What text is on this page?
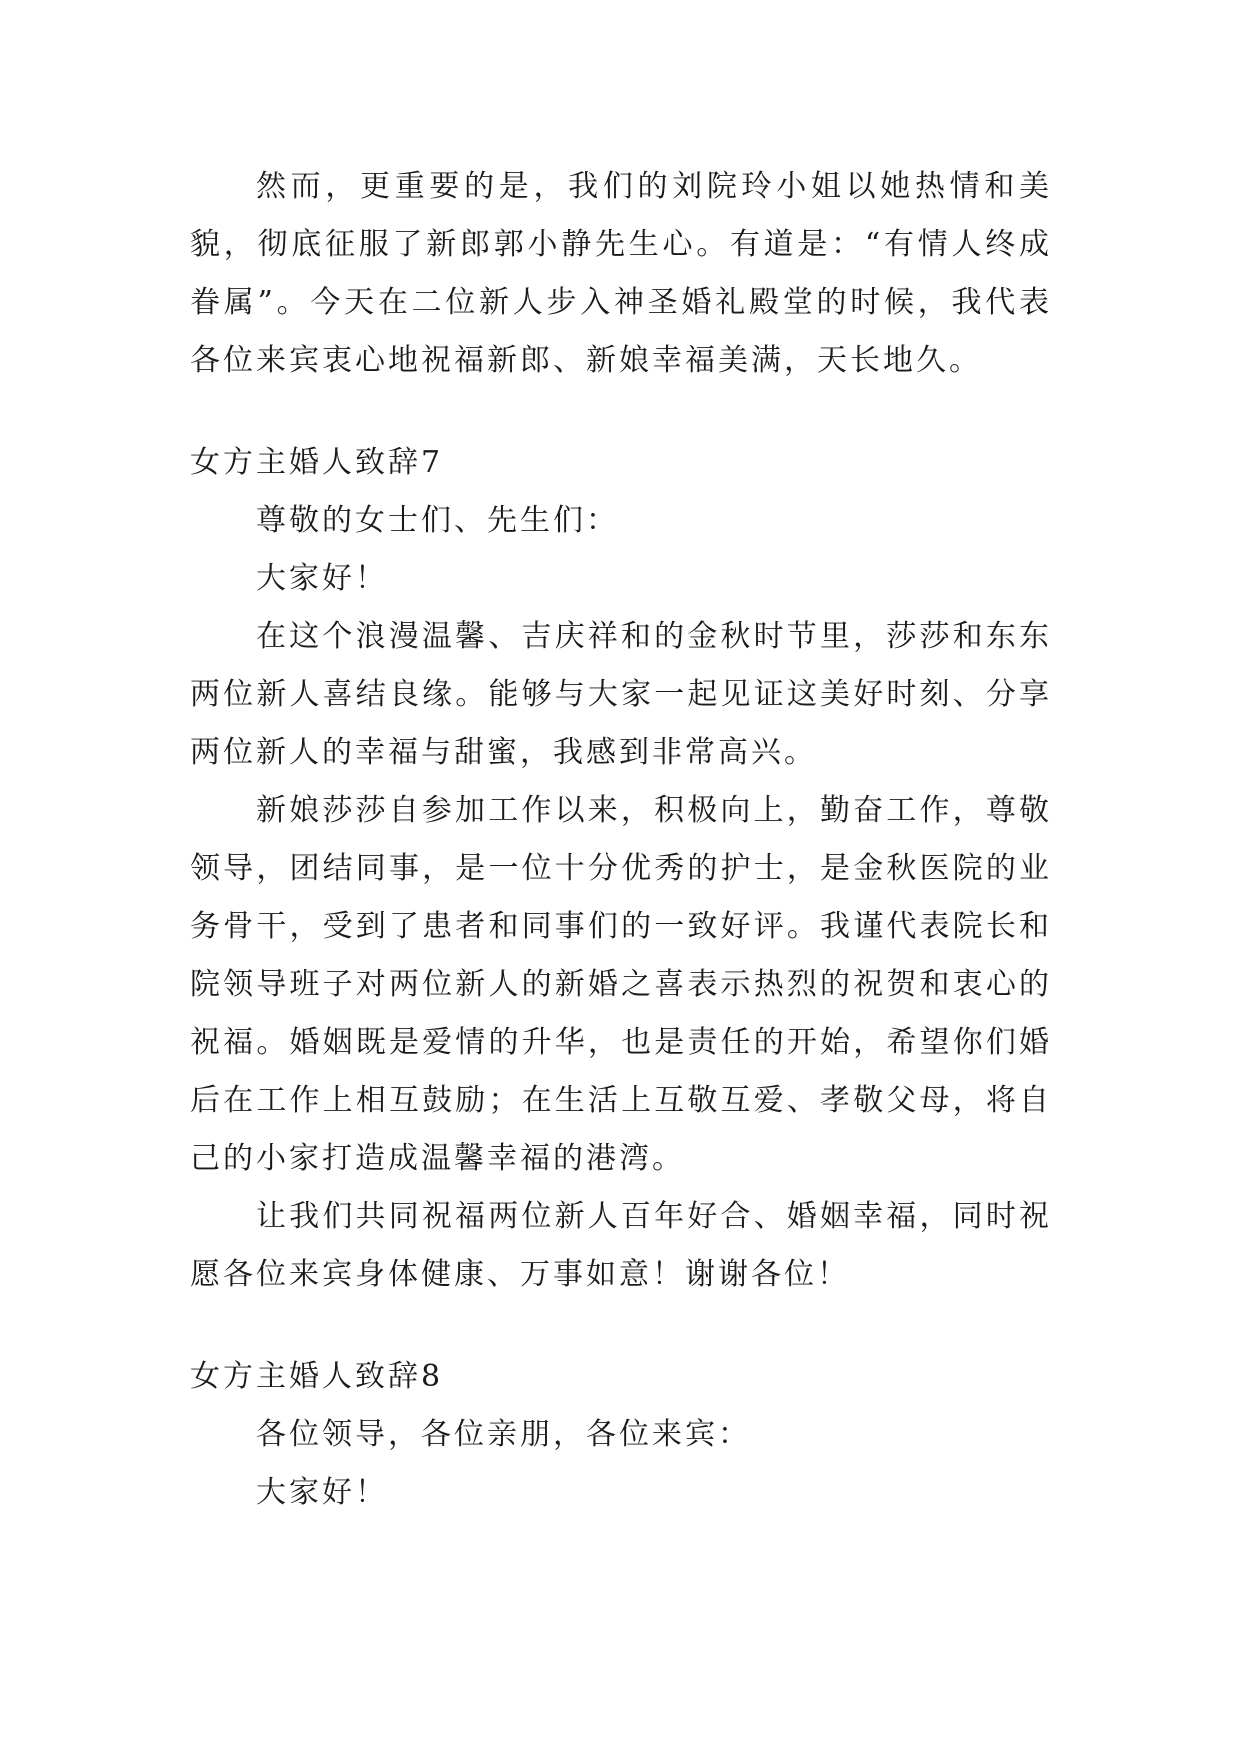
然而，更重要的是，我们的刘院玲小姐以她热情和美貌，彻底征服了新郎郭小静先生心。有道是：“有情人终成眷属”。今天在二位新人步入神圣婚礼殿堂的时候，我代表各位来宾衷心地祝福新郎、新娘幸福美满，天长地久。

女方主婚人致辞7

尊敬的女士们、先生们：

大家好！

在这个浪漫温馨、吉庆祥和的金秋时节里，莎莎和东东两位新人喜结良缘。能够与大家一起见证这美好时刻、分享两位新人的幸福与甜蜜，我感到非常高兴。

新娘莎莎自参加工作以来，积极向上，勤奋工作，尊敬领导，团结同事，是一位十分优秀的护士，是金秋医院的业务骨干，受到了患者和同事们的一致好评。我谨代表院长和院领导班子对两位新人的新婚之喜表示热烈的祝贺和衷心的祝福。婚姻既是爱情的升华，也是责任的开始，希望你们婚后在工作上相互鼓励；在生活上互敬互爱、孝敬父母，将自己的小家打造成温馨幸福的港湾。

让我们共同祝福两位新人百年好合、婚姻幸福，同时祝愿各位来宾身体健康、万事如意！谢谢各位！

女方主婚人致辞8

各位领导，各位亲朋，各位来宾：

大家好！
